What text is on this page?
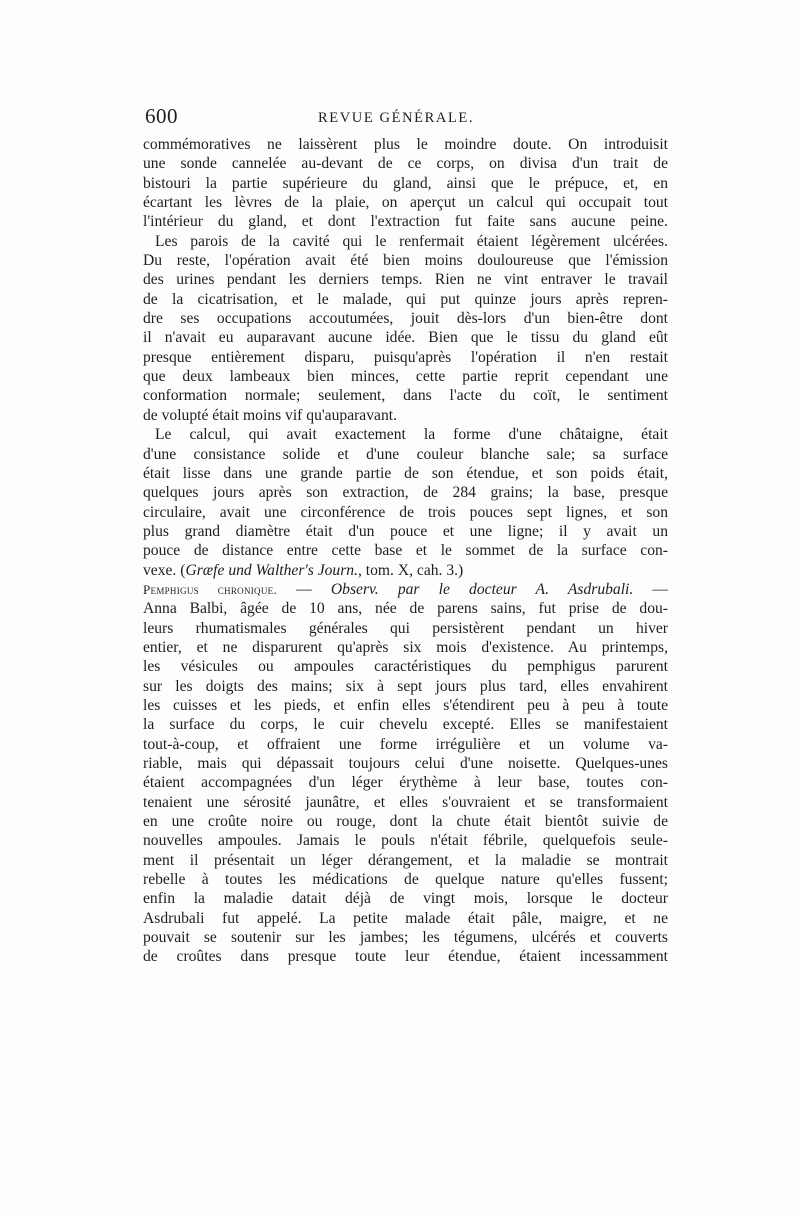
600	REVUE GÉNÉRALE.
commémoratives ne laissèrent plus le moindre doute. On introduisit
une sonde cannelée au-devant de ce corps, on divisa d'un trait de
bistouri la partie supérieure du gland, ainsi que le prépuce, et, en
écartant les lèvres de la plaie, on aperçut un calcul qui occupait tout
l'intérieur du gland, et dont l'extraction fut faite sans aucune peine.
Les parois de la cavité qui le renfermait étaient légèrement ulcérées.
Du reste, l'opération avait été bien moins douloureuse que l'émission
des urines pendant les derniers temps. Rien ne vint entraver le travail
de la cicatrisation, et le malade, qui put quinze jours après repren-
dre ses occupations accoutumées, jouit dès-lors d'un bien-être dont
il n'avait eu auparavant aucune idée. Bien que le tissu du gland eût
presque entièrement disparu, puisqu'après l'opération il n'en restait
que deux lambeaux bien minces, cette partie reprit cependant une
conformation normale; seulement, dans l'acte du coït, le sentiment
de volupté était moins vif qu'auparavant.
Le calcul, qui avait exactement la forme d'une châtaigne, était
d'une consistance solide et d'une couleur blanche sale; sa surface
était lisse dans une grande partie de son étendue, et son poids était,
quelques jours après son extraction, de 284 grains; la base, presque
circulaire, avait une circonférence de trois pouces sept lignes, et son
plus grand diamètre était d'un pouce et une ligne; il y avait un
pouce de distance entre cette base et le sommet de la surface con-
vexe. (Græfe und Walther's Journ., tom. X, cah. 3.)
Pemphigus chronique. — Observ. par le docteur A. Asdrubali. —
Anna Balbi, âgée de 10 ans, née de parens sains, fut prise de dou-
leurs rhumatismales générales qui persistèrent pendant un hiver
entier, et ne disparurent qu'après six mois d'existence. Au printemps,
les vésicules ou ampoules caractéristiques du pemphigus parurent
sur les doigts des mains; six à sept jours plus tard, elles envahirent
les cuisses et les pieds, et enfin elles s'étendirent peu à peu à toute
la surface du corps, le cuir chevelu excepté. Elles se manifestaient
tout-à-coup, et offraient une forme irrégulière et un volume va-
riable, mais qui dépassait toujours celui d'une noisette. Quelques-unes
étaient accompagnées d'un léger érythème à leur base, toutes con-
tenaient une sérosité jaunâtre, et elles s'ouvraient et se transformaient
en une croûte noire ou rouge, dont la chute était bientôt suivie de
nouvelles ampoules. Jamais le pouls n'était fébrile, quelquefois seule-
ment il présentait un léger dérangement, et la maladie se montrait
rebelle à toutes les médications de quelque nature qu'elles fussent;
enfin la maladie datait déjà de vingt mois, lorsque le docteur
Asdrubali fut appelé. La petite malade était pâle, maigre, et ne
pouvait se soutenir sur les jambes; les tégumens, ulcérés et couverts
de croûtes dans presque toute leur étendue, étaient incessamment
